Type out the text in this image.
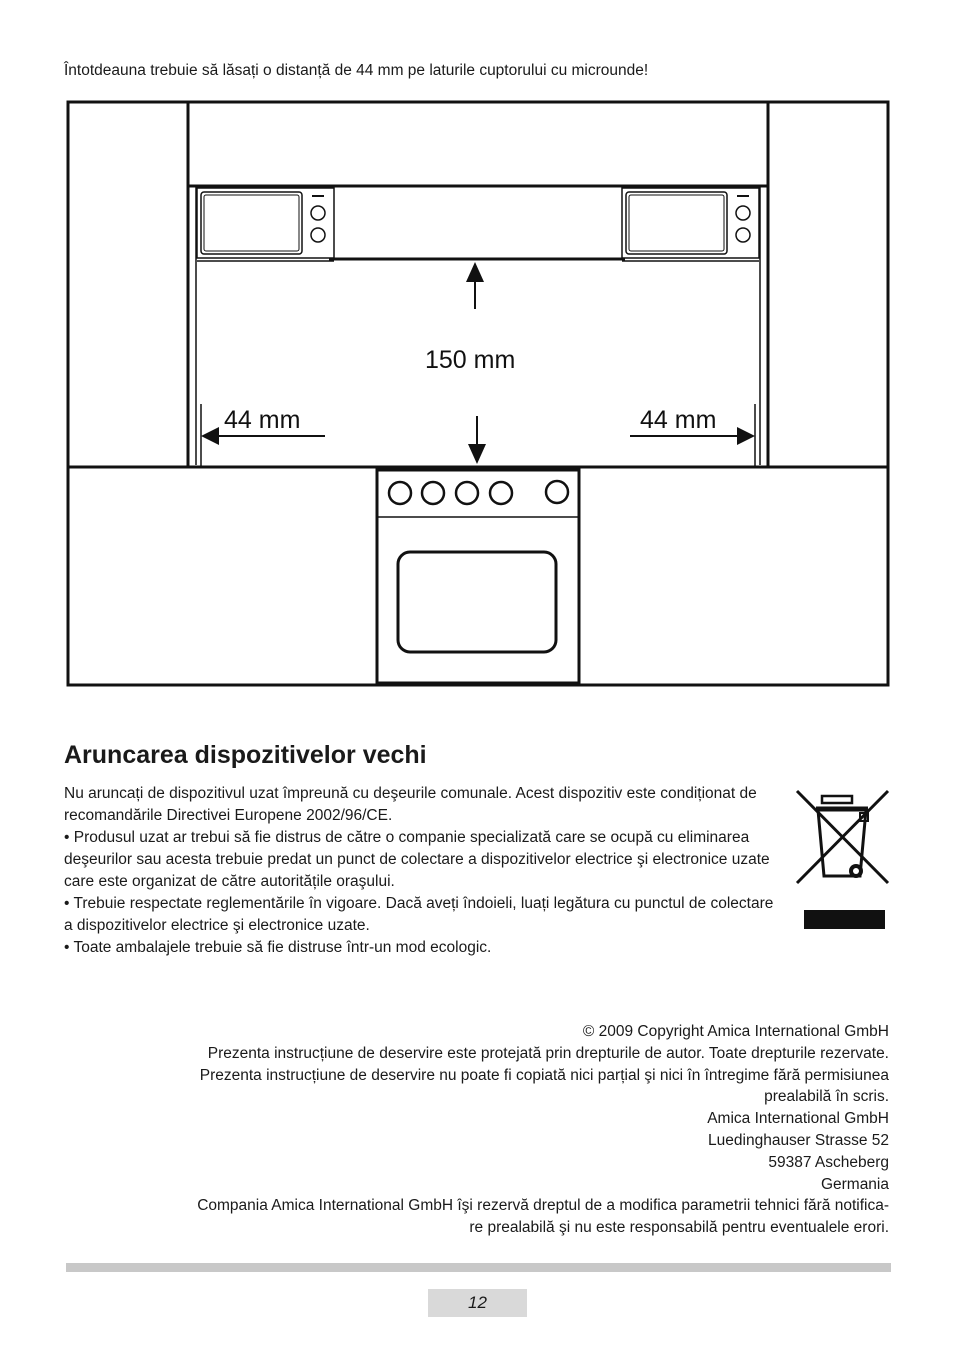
Întotdeauna trebuie să lăsați o distanță de 44 mm pe laturile cuptorului cu microunde!

150 mm
44 mm	44 mm
Aruncarea dispozitivelor vechi

Nu aruncați de dispozitivul uzat împreună cu deşeurile comunale. Acest dispozitiv este condiționat de recomandările Directivei Europene 2002/96/CE.

• Produsul uzat ar trebui să fie distrus de către o companie specializată care se ocupă cu eliminarea deşeurilor sau acesta trebuie predat un punct de colectare a dispozitivelor electrice şi electronice uzate care este organizat de către autoritățile oraşului.

• Trebuie respectate reglementările în vigoare. Dacă aveți îndoieli, luați legătura cu punctul de colectare a dispozitivelor electrice şi electronice uzate.

• Toate ambalajele trebuie să fie distruse într-un mod ecologic.

© 2009 Copyright Amica International GmbH
Prezenta instrucțiune de deservire este protejată prin drepturile de autor. Toate drepturile rezervate.
Prezenta instrucțiune de deservire nu poate fi copiată nici parțial şi nici în întregime fără permisiunea
prealabilă în scris.
Amica International GmbH
Luedinghauser Strasse 52
59387 Ascheberg
Germania
Compania Amica International GmbH îşi rezervă dreptul de a modifica parametrii tehnici fără notifica-
re prealabilă şi nu este responsabilă pentru eventualele erori.
12
